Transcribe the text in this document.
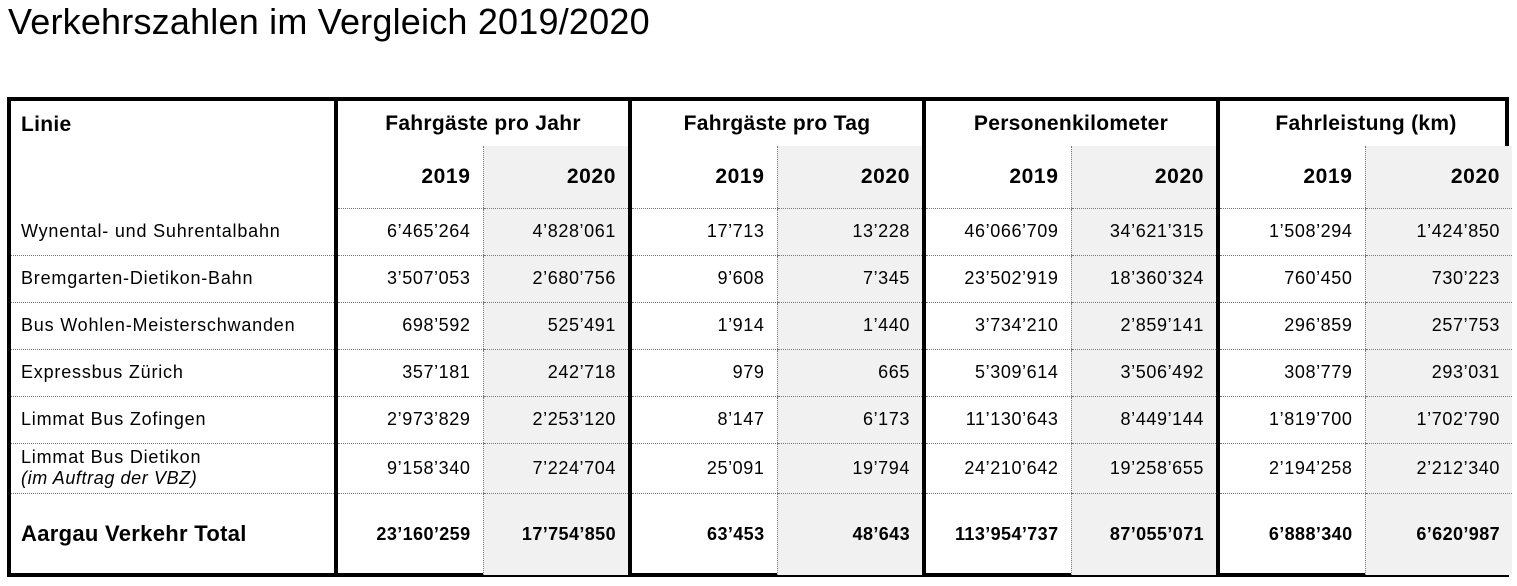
Verkehrszahlen im Vergleich 2019/2020
Linie	Fahrgäste pro Jahr		Fahrgäste pro Tag		Personenkilometer		Fahrleistung (km)	
	2019	2020	2019	2020	2019	2020	2019	2020

Wynental- und Suhrentalbahn	6’465’264	4’828’061	17’713	13’228	46’066’709	34’621’315	1’508’294	1’424’850

Bremgarten-Dietikon-Bahn	3’507’053	2’680’756	9’608	7’345	23’502’919	18’360’324	760’450	730’223

Bus Wohlen-Meisterschwanden	698’592	525’491	1’914	1’440	3’734’210	2’859’141	296’859	257’753

Expressbus Zürich	357’181	242’718	979	665	5’309’614	3’506’492	308’779	293’031

Limmat Bus Zofingen	2’973’829	2’253’120	8’147	6’173	11’130’643	8’449’144	1’819’700	1’702’790

Limmat Bus Dietikon
(im Auftrag der VBZ)	9’158’340	7’224’704	25’091	19’794	24’210’642	19’258’655	2’194’258	2’212’340
Aargau Verkehr Total	23’160’259	17’754’850	63’453	48’643	113’954’737	87’055’071	6’888’340	6’620’987
